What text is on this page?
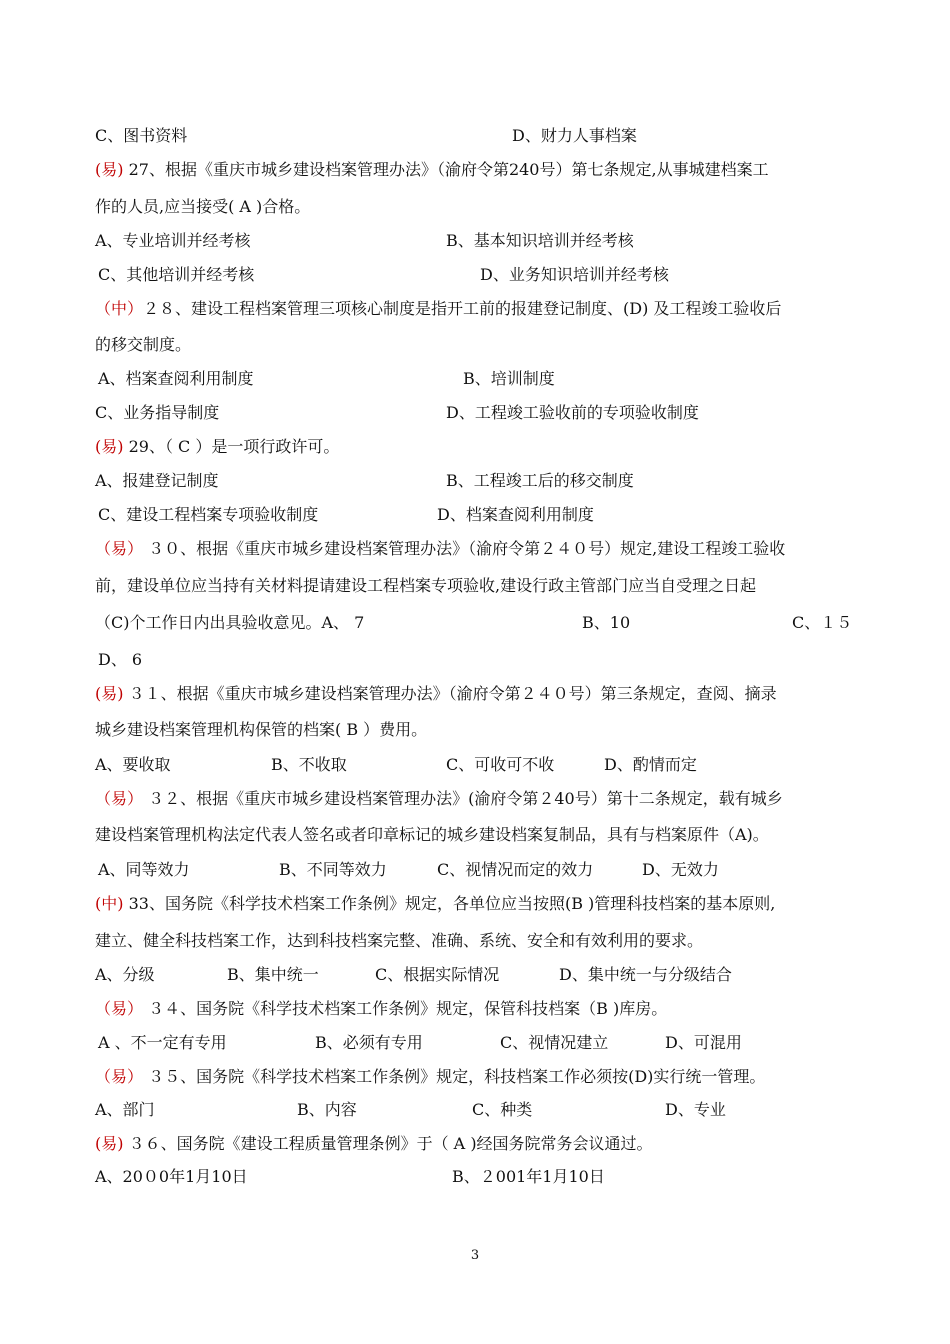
C、图书资料	D、财力人事档案
(易) 27、根据《重庆市城乡建设档案管理办法》（渝府令第240号）第七条规定,从事城建档案工
作的人员,应当接受( A )合格。
A、专业培训并经考核	B、基本知识培训并经考核
C、其他培训并经考核	D、业务知识培训并经考核
（中）２８、建设工程档案管理三项核心制度是指开工前的报建登记制度、(D) 及工程竣工验收后
的移交制度。
A、档案查阅利用制度	B、培训制度
C、业务指导制度	D、工程竣工验收前的专项验收制度
(易) 29、（ C ）是一项行政许可。
A、报建登记制度	B、工程竣工后的移交制度
C、建设工程档案专项验收制度	D、档案查阅利用制度
（易） ３０、根据《重庆市城乡建设档案管理办法》（渝府令第２４０号）规定,建设工程竣工验收
前，建设单位应当持有关材料提请建设工程档案专项验收,建设行政主管部门应当自受理之日起
（C)个工作日内出具验收意见。A、 7	B、10	C、１５
D、 6
(易) ３１、根据《重庆市城乡建设档案管理办法》（渝府令第２４０号）第三条规定，查阅、摘录
城乡建设档案管理机构保管的档案( B ）费用。
A、要收取	B、不收取	C、可收可不收	D、酌情而定
（易） ３２、根据《重庆市城乡建设档案管理办法》(渝府令第２40号）第十二条规定，载有城乡
建设档案管理机构法定代表人签名或者印章标记的城乡建设档案复制品，具有与档案原件（A)。
A、同等效力	B、不同等效力	C、视情况而定的效力	D、无效力
(中) 33、国务院《科学技术档案工作条例》规定，各单位应当按照(B )管理科技档案的基本原则,
建立、健全科技档案工作，达到科技档案完整、准确、系统、安全和有效利用的要求。
A、分级	B、集中统一	C、根据实际情况	D、集中统一与分级结合
（易） ３４、国务院《科学技术档案工作条例》规定，保管科技档案（B )库房。
A 、不一定有专用	B、必须有专用	C、视情况建立	D、可混用
（易） ３５、国务院《科学技术档案工作条例》规定，科技档案工作必须按(D)实行统一管理。
A、部门	B、内容	C、种类	D、专业
(易) ３６、国务院《建设工程质量管理条例》于（ A )经国务院常务会议通过。
A、20０0年1月10日	B、２001年1月10日
3
